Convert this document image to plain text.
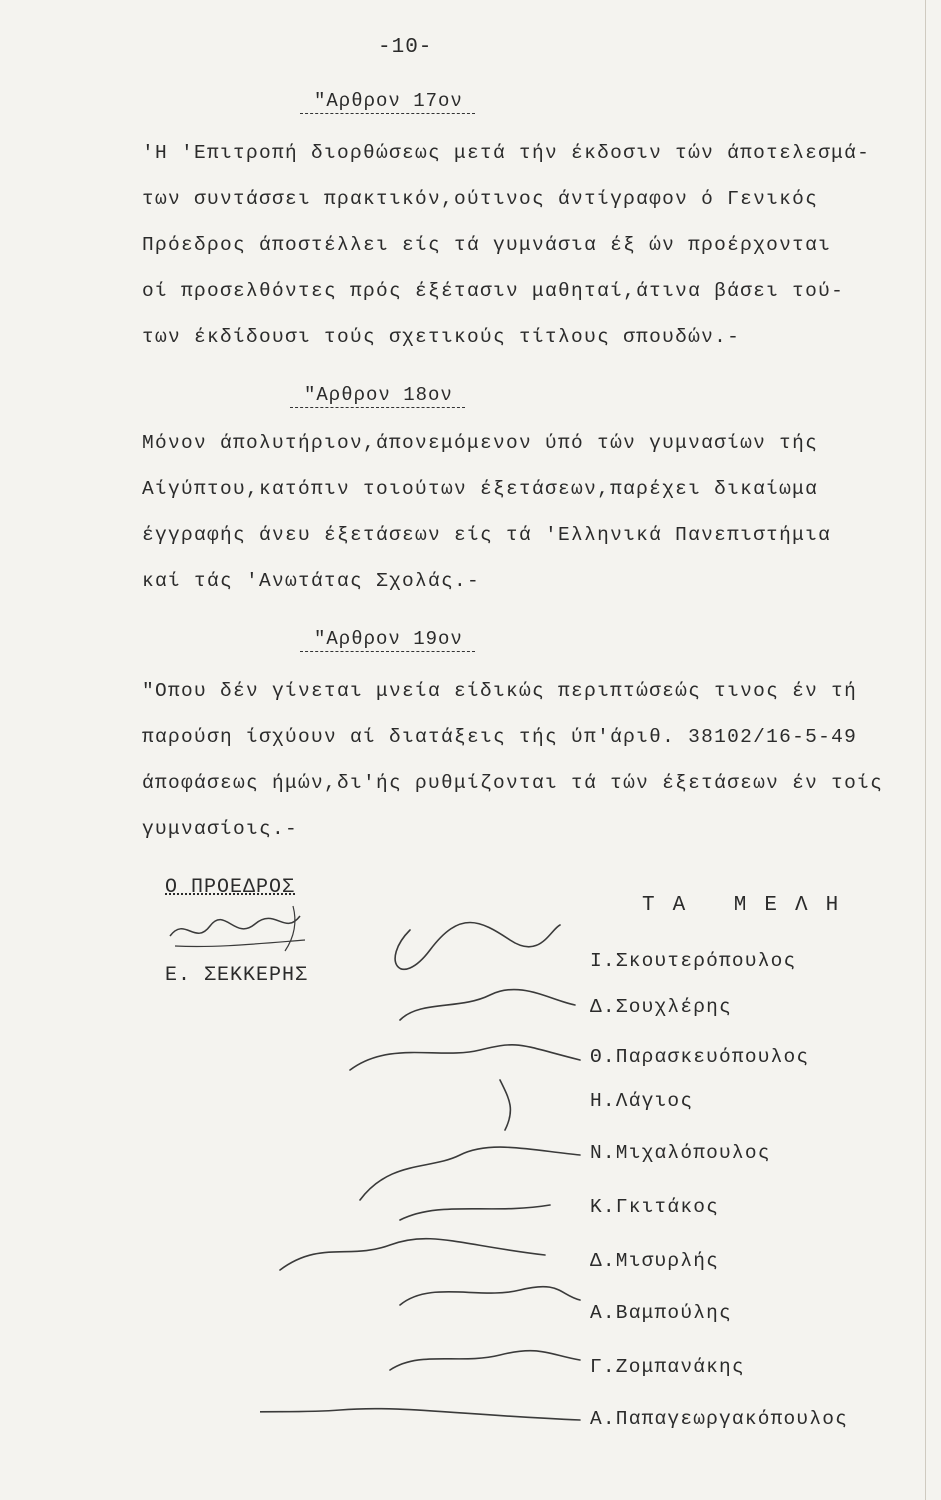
-10-
"Αρθρον 17ον
'Η 'Επιτροπή διορθώσεως μετά τήν έκδοσιν τών άποτελεσμά-
των συντάσσει πρακτικόν,ούτινος άντίγραφον ό Γενικός
Πρόεδρος άποστέλλει είς τά γυμνάσια έξ ών προέρχονται
οί προσελθόντες πρός έξέτασιν μαθηταί,άτινα βάσει τού-
των έκδίδουσι τούς σχετικούς τίτλους σπουδών.-
"Αρθρον 18ον
Μόνον άπολυτήριον,άπονεμόμενον ύπό τών γυμνασίων τής
Αίγύπτου,κατόπιν τοιούτων έξετάσεων,παρέχει δικαίωμα
έγγραφής άνευ έξετάσεων είς τά 'Ελληνικά Πανεπιστήμια
καί τάς 'Ανωτάτας Σχολάς.-
"Αρθρον 19ον
"Οπου δέν γίνεται μνεία είδικώς περιπτώσεώς τινος έν τή
παρούση ίσχύουν αί διατάξεις τής ύπ'άριθ. 38102/16-5-49
άποφάσεως ήμών,δι'ής ρυθμίζονται τά τών έξετάσεων έν τοίς
γυμνασίοις.-
Ο ΠΡΟΕΔΡΟΣ
Ε. ΣΕΚΚΕΡΗΣ
ΤΑ ΜΕΛΗ
Ι.Σκουτερόπουλος
Δ.Σουχλέρης
Θ.Παρασκευόπουλος
Η.Λάγιος
Ν.Μιχαλόπουλος
Κ.Γκιτάκος
Δ.Μισυρλής
Α.Βαμπούλης
Γ.Ζομπανάκης
Α.Παπαγεωργακόπουλος
